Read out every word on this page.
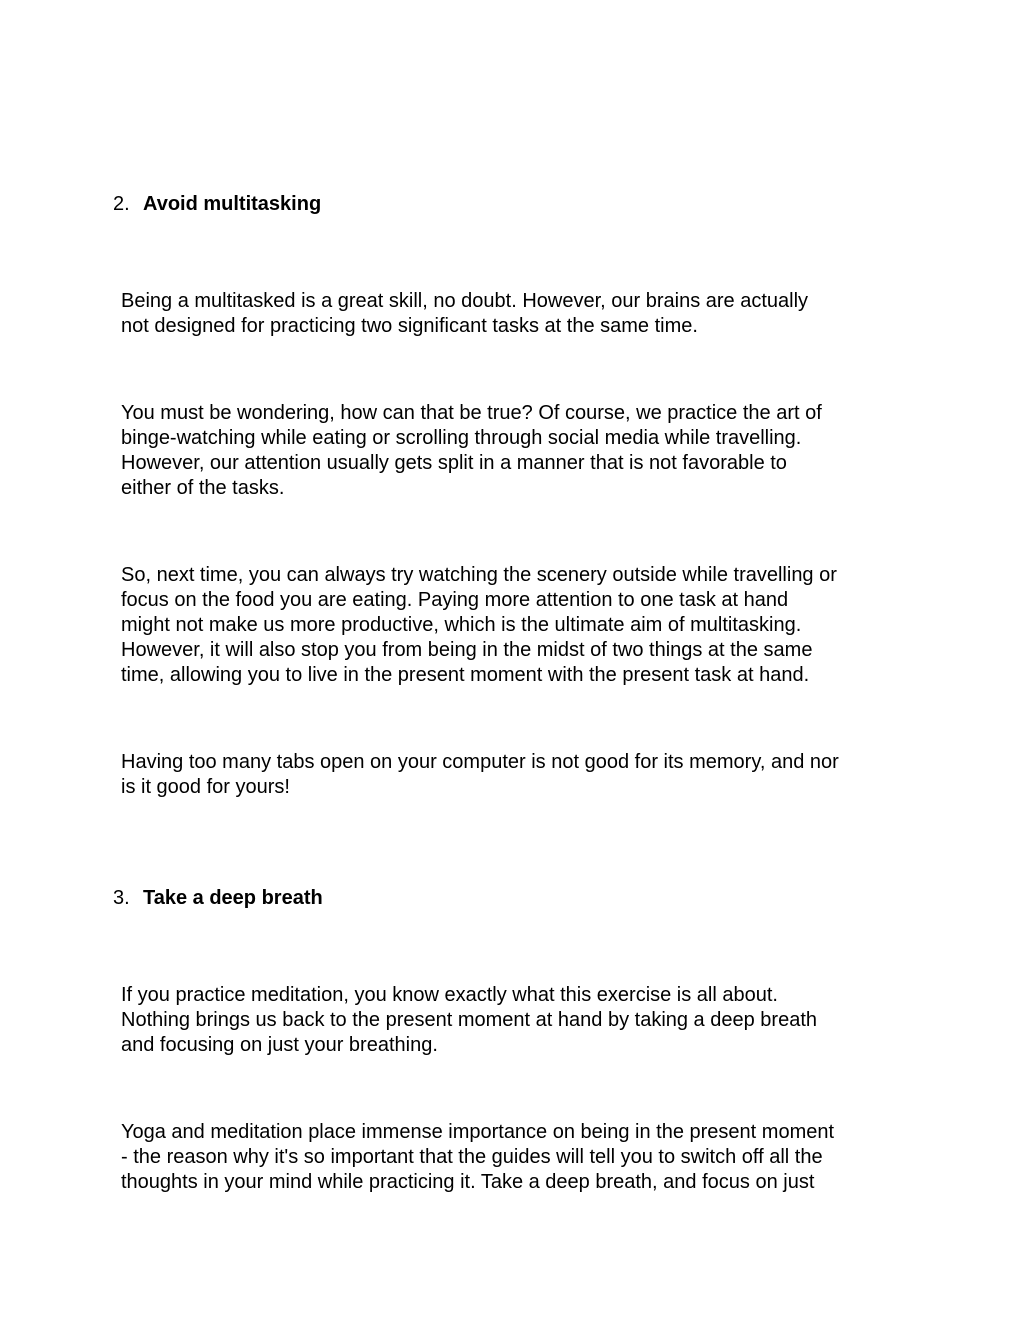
2. Avoid multitasking

Being a multitasked is a great skill, no doubt. However, our brains are actually
not designed for practicing two significant tasks at the same time.

You must be wondering, how can that be true? Of course, we practice the art of
binge-watching while eating or scrolling through social media while travelling.
However, our attention usually gets split in a manner that is not favorable to
either of the tasks.

So, next time, you can always try watching the scenery outside while travelling or
focus on the food you are eating. Paying more attention to one task at hand
might not make us more productive, which is the ultimate aim of multitasking.
However, it will also stop you from being in the midst of two things at the same
time, allowing you to live in the present moment with the present task at hand.

Having too many tabs open on your computer is not good for its memory, and nor
is it good for yours!

3. Take a deep breath

If you practice meditation, you know exactly what this exercise is all about.
Nothing brings us back to the present moment at hand by taking a deep breath
and focusing on just your breathing.

Yoga and meditation place immense importance on being in the present moment
- the reason why it's so important that the guides will tell you to switch off all the
thoughts in your mind while practicing it. Take a deep breath, and focus on just
